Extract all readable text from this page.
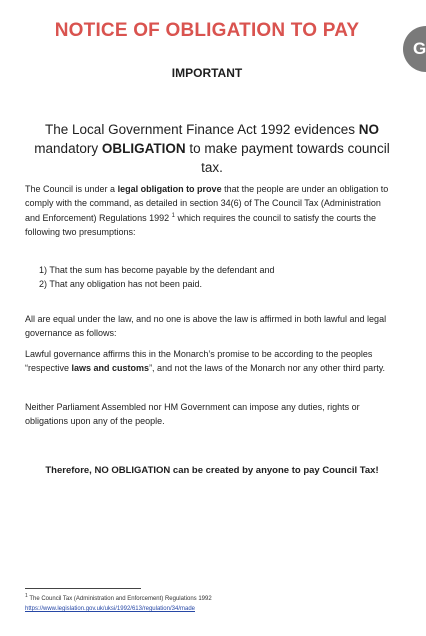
NOTICE OF OBLIGATION TO PAY
IMPORTANT
The Local Government Finance Act 1992 evidences NO mandatory OBLIGATION to make payment towards council tax.
The Council is under a legal obligation to prove that the people are under an obligation to comply with the command, as detailed in section 34(6) of The Council Tax (Administration and Enforcement) Regulations 1992 $^1$ which requires the council to satisfy the courts the following two presumptions:
1) That the sum has become payable by the defendant and
2) That any obligation has not been paid.
All are equal under the law, and no one is above the law is affirmed in both lawful and legal governance as follows:
Lawful governance affirms this in the Monarch’s promise to be according to the peoples “respective laws and customs”, and not the laws of the Monarch nor any other third party.
Neither Parliament Assembled nor HM Government can impose any duties, rights or obligations upon any of the people.
Therefore, NO OBLIGATION can be created by anyone to pay Council Tax!
$^1$ The Council Tax (Administration and Enforcement) Regulations 1992
https://www.legislation.gov.uk/uksi/1992/613/regulation/34/made
G
